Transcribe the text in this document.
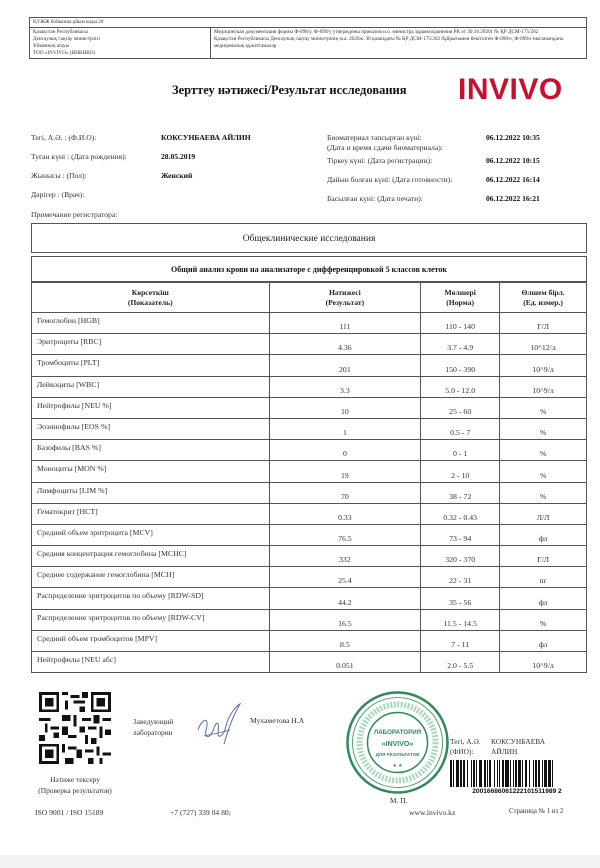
ҚҮЖЖ бойынша ұйым коды 20
Қазақстан Республикасы
Денсаулық сақтау министрлігі
Ұйымның атауы
ТОО «INVIVO» (ИНВИВО)
Медицинская документация формы Ф-098/у, Ф-099/у утверждены приказом и.о. министра здравоохранения РК от 30.10.2020г № ҚР ДСМ-175/202
Қазақстан Республикасы Денсаулық сақтау министрінің м.а. 2020ж. 30 қазандағы № ҚР ДСМ-175/202 бұйрығымен бекітілген Ф-098/е, Ф-099/е нысанындағы медициналық құжаттамалар
Зерттеу нәтижесі/Результат исследования INVIVO
Тегі, А.Ә. : (Ф.И.О):	КОКСУНБАЕВА АЙЛИН
Туған күні : (Дата рождения):	28.05.2019
Жынысы : (Пол):	Женский
Дәрігер : (Врач):
Примечание регистратора:
Биоматериал тапсырған күні:
(Дата и время сдачи биоматериала):
06.12.2022 10:35
Тіркеу күні: (Дата регистрации):	06.12.2022 10:15
Дайын болған күні: (Дата готовности):	06.12.2022 16:14
Басылған күні: (Дата печати):	06.12.2022 16:21
Общеклинические исследования
Общий анализ крови на анализаторе с дифференцировкой 5 классов клеток
Көрсеткіш
(Показатель)

Нәтижесі
(Результат)

Мөлшері
(Норма)

Өлшем бірл.
(Ед. измер.)

Гемоглобин [HGB]	111	110 - 140	Г/Л
Эритроциты [RBC]	4.36	3.7 - 4.9	10^12/л
Тромбоциты [PLT]	201	150 - 390	10^9/л
Лейкоциты [WBC]	3.3	5.0 - 12.0	10^9/л
Нейтрофилы [NEU %]	10	25 - 60	%
Эозинофилы [EOS %]	1	0.5 - 7	%
Базофилы [BAS %]	0	0 - 1	%
Моноциты [MON %]	19	2 - 10	%
Лимфоциты [LIM %]	70	38 - 72	%
Гематокрит [HCT]	0.33	0.32 - 0.43	Л/Л
Средний объем эритроцита [MCV]	76.5	73 - 94	фл
Средняя концентрация гемоглобина [MCHC]	332	320 - 370	Г/Л
Среднее содержание гемоглобина [MCH]	25.4	22 - 31	пг
Распределение эритроцитов по объему [RDW-SD]	44.2	35 - 56	фл
Распределение эритроцитов по объему [RDW-CV]	16.5	11.5 - 14.5	%
Средний объем тромбоцитов [MPV]	8.5	7 - 11	фл
Нейтрофилы [NEU абс]	0.051	2.0 - 5.5	10^9/л
Нәтиже тексеру
(Проверка результатов)
Заведующий
лаборатории
Мухаметова Н.А
ЛАБОРАТОРИЯ
«INVIVO»
ДЛЯ РЕЗУЛЬТАТОВ
★ ★
М. П.
Тегі, А.Ә.
(ФИО):
КОКСУНБАЕВА
АЙЛИН
20016686061222101511989 2
ISO 9001 / ISO 15189	+7 (727) 339 04 80;	www.invivo.kz	Страница № 1 из 2
